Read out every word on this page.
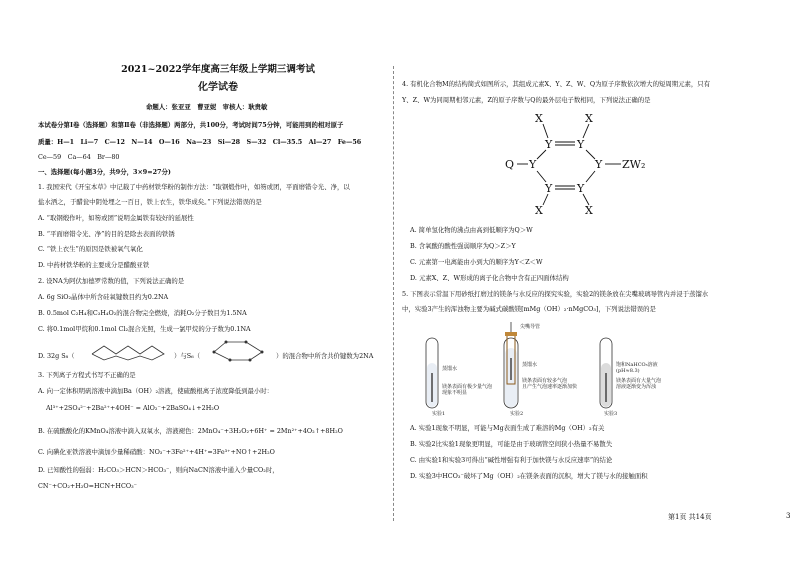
2021~2022学年度高三年级上学期三调考试
化学试卷
命题人：张亚亚　曹亚妮　审核人：耿贵敏
本试卷分第Ⅰ卷（选择题）和第Ⅱ卷（非选择题）两部分，共100分，考试时间75分钟，可能用到的相对原子
质量：H—1　Li—7　C—12　N—14　O—16　Na—23　Si—28　S—32　Cl—35.5　Al—27　Fe—56
Ce—59　Ca—64　Br—80
一、选择题(每小题3分，共9分，3×9=27分)
1. 我国宋代《开宝本草》中记载了中药材铁华粉的制作方法：“取钢煅作叶，如笏或团，平面磨错令光、净，以
盐水洒之，于醋瓮中阴处埋之一百日，铁上衣生，铁华成矣。”下列说法错误的是
A. “取钢煅作叶，如笏或团”说明金属铁有较好的延展性
B. “平面磨错令光、净”的目的是除去表面的铁锈
C. “铁上衣生”的原因是铁被氧气氧化
D. 中药材铁华粉的主要成分是醋酸亚铁
2. 设NA为阿伏加德罗常数的值，下列说法正确的是
A. 6g SiO₂晶体中所含硅氧键数目约为0.2NA
B. 0.5mol C₂H₄和C₃H₄O₂的混合物完全燃烧，消耗O₂分子数目为1.5NA
C. 将0.1mol甲烷和0.1mol Cl₂混合光照，生成一氯甲烷的分子数为0.1NA
D. 32g S₈（	）与S₆（	）的混合物中所含共价键数为2NA
3. 下列离子方程式书写不正确的是
A. 向一定体积明矾溶液中滴加Ba（OH）₂溶液，使硫酸根离子浓度降低到最小时：
Al³⁺+2SO₄²⁻+2Ba²⁺+4OH⁻ = AlO₂⁻+2BaSO₄↓+2H₂O
B. 在硫酸酸化的KMnO₄溶液中滴入双氧水，溶液褪色：2MnO₄⁻+3H₂O₂+6H⁺ = 2Mn²⁺+4O₂↑+8H₂O
C. 向碘化亚铁溶液中滴加少量稀硝酸：NO₃⁻+3Fe²⁺+4H⁺=3Fe³⁺+NO↑+2H₂O
D. 已知酸性的强弱：H₂CO₃＞HCN＞HCO₃⁻，则向NaCN溶液中通入少量CO₂时，
CN⁻+CO₂+H₂O=HCN+HCO₃⁻
4. 有机化合物M的结构简式如图所示，其组成元素X、Y、Z、W、Q为原子序数依次增大的短周期元素，只有
Y、Z、W为同周期相邻元素，Z的原子序数与Q的最外层电子数相同，下列说法正确的是
X	X
Y Y
Q Y	Y ZW₂
Y Y
X	X
A. 简单氢化物的沸点由高到低顺序为Q＞W
B. 含氧酸的酸性强弱顺序为Q＞Z＞Y
C. 元素第一电离能由小到大的顺序为Y＜Z＜W
D. 元素X、Z、W形成的离子化合物中含有正四面体结构
5. 下图表示常温下用砂纸打磨过的镁条与水反应的探究实验，实验2的镁条放在尖嘴玻璃导管内并浸于蒸馏水
中，实验3产生的浑浊物主要为碱式碳酸镁[mMg（OH）₂·nMgCO₃]，下列说法错误的是
蒸馏水
镁条表面有极少量气泡
现象不明显
实验1
尖嘴导管
蒸馏水
镁条表面有较多气泡
且产生气泡速率逐渐加快
实验2
饱和NaHCO₃溶液
(pH≈8.3)
镁条表面有大量气泡
溶液逐渐变为浑浊
实验3
A. 实验1现象不明显，可能与Mg表面生成了难溶的Mg（OH）₂有关
B. 实验2比实验1现象更明显，可能是由于玻璃管空间狭小热量不易散失
C. 由实验1和实验3可得出“碱性增强有利于加快镁与水反应速率”的结论
D. 实验3中HCO₃⁻破坏了Mg（OH）₂在镁条表面的沉积，增大了镁与水的接触面积
第1页 共14页	3
